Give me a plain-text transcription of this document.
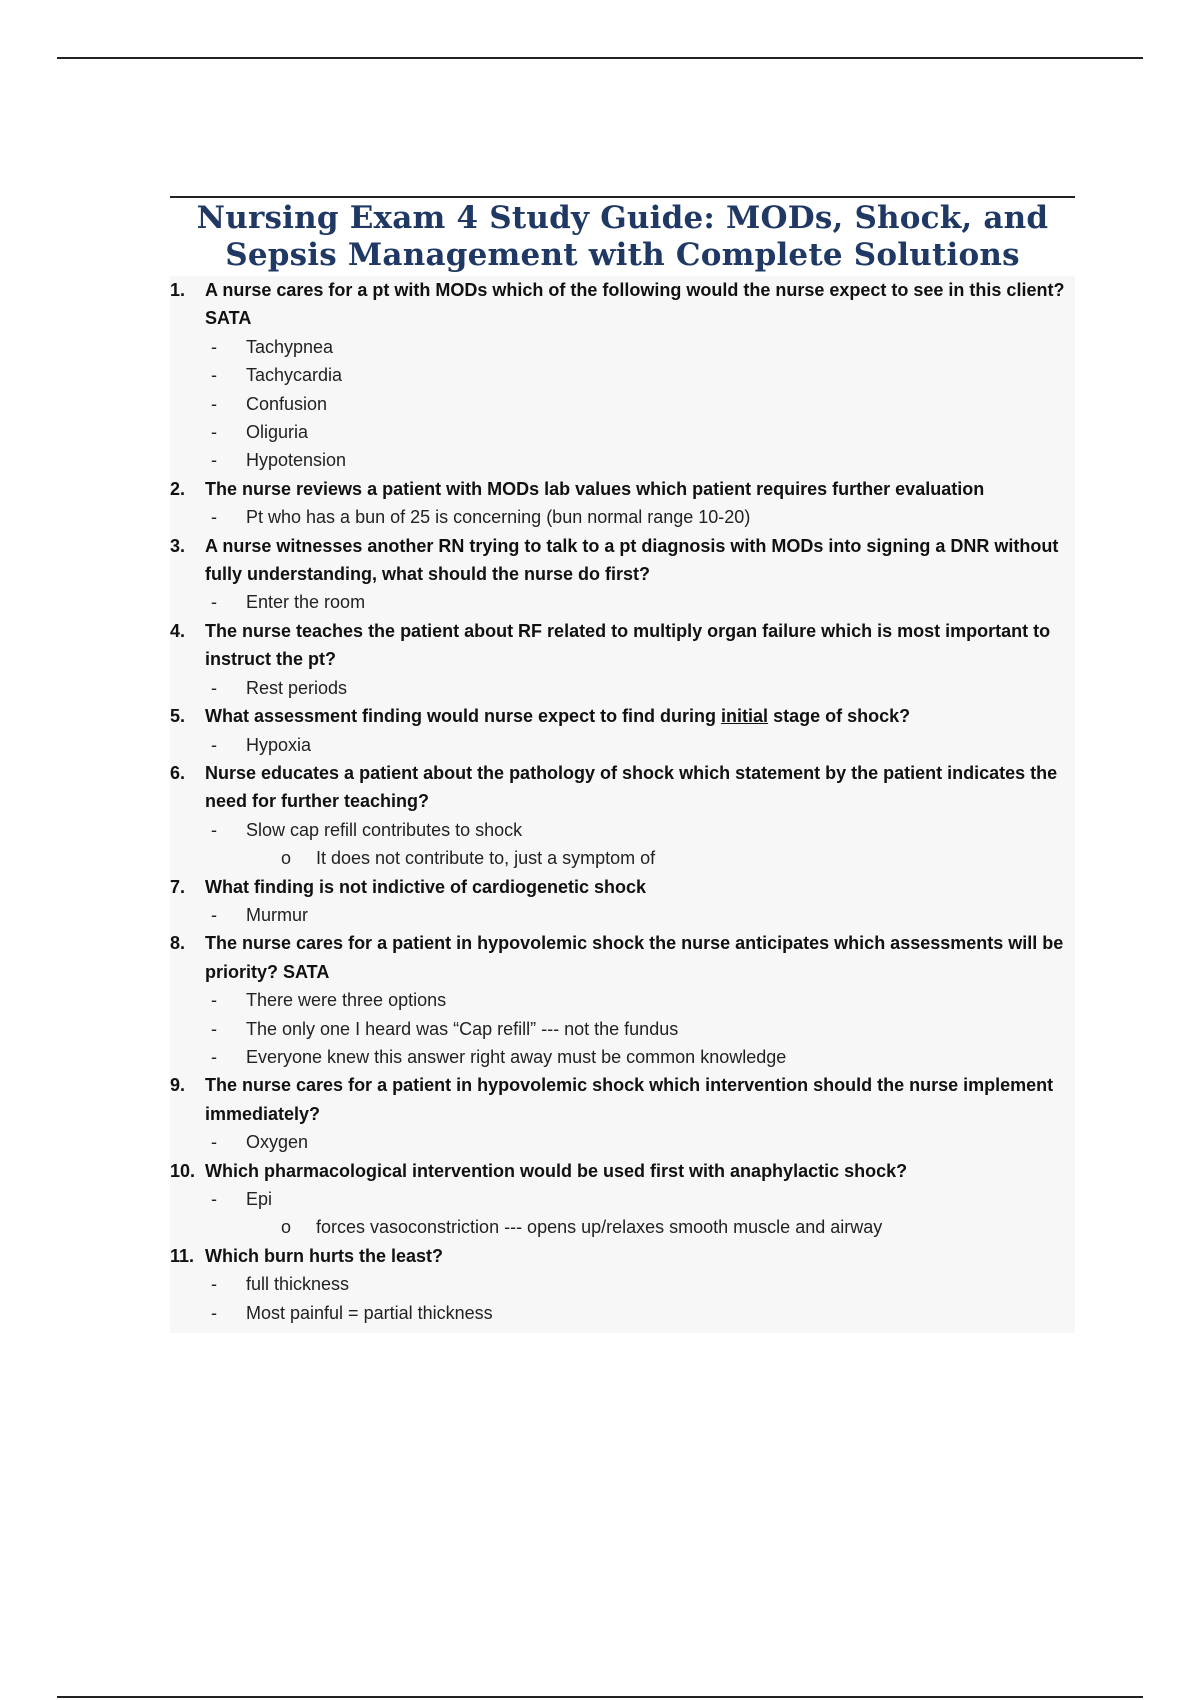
Nursing Exam 4 Study Guide: MODs, Shock, and
Sepsis Management with Complete Solutions
1.	A nurse cares for a pt with MODs which of the following would the nurse expect to see in this client? SATA
-	Tachypnea
-	Tachycardia
-	Confusion
-	Oliguria
-	Hypotension
2.	The nurse reviews a patient with MODs lab values which patient requires further evaluation
-	Pt who has a bun of 25 is concerning (bun normal range 10-20)
3.	A nurse witnesses another RN trying to talk to a pt diagnosis with MODs into signing a DNR without fully understanding, what should the nurse do first?
-	Enter the room
4.	The nurse teaches the patient about RF related to multiply organ failure which is most important to instruct the pt?
-	Rest periods
5.	What assessment finding would nurse expect to find during initial stage of shock?
-	Hypoxia
6.	Nurse educates a patient about the pathology of shock which statement by the patient indicates the need for further teaching?
-	Slow cap refill contributes to shock
o	It does not contribute to, just a symptom of
7.	What finding is not indictive of cardiogenetic shock
-	Murmur
8.	The nurse cares for a patient in hypovolemic shock the nurse anticipates which assessments will be priority? SATA
-	There were three options
-	The only one I heard was “Cap refill” --- not the fundus
-	Everyone knew this answer right away must be common knowledge
9.	The nurse cares for a patient in hypovolemic shock which intervention should the nurse implement immediately?
-	Oxygen
10. Which pharmacological intervention would be used first with anaphylactic shock?
-	Epi
o	forces vasoconstriction --- opens up/relaxes smooth muscle and airway
11. Which burn hurts the least?
-	full thickness
-	Most painful = partial thickness
